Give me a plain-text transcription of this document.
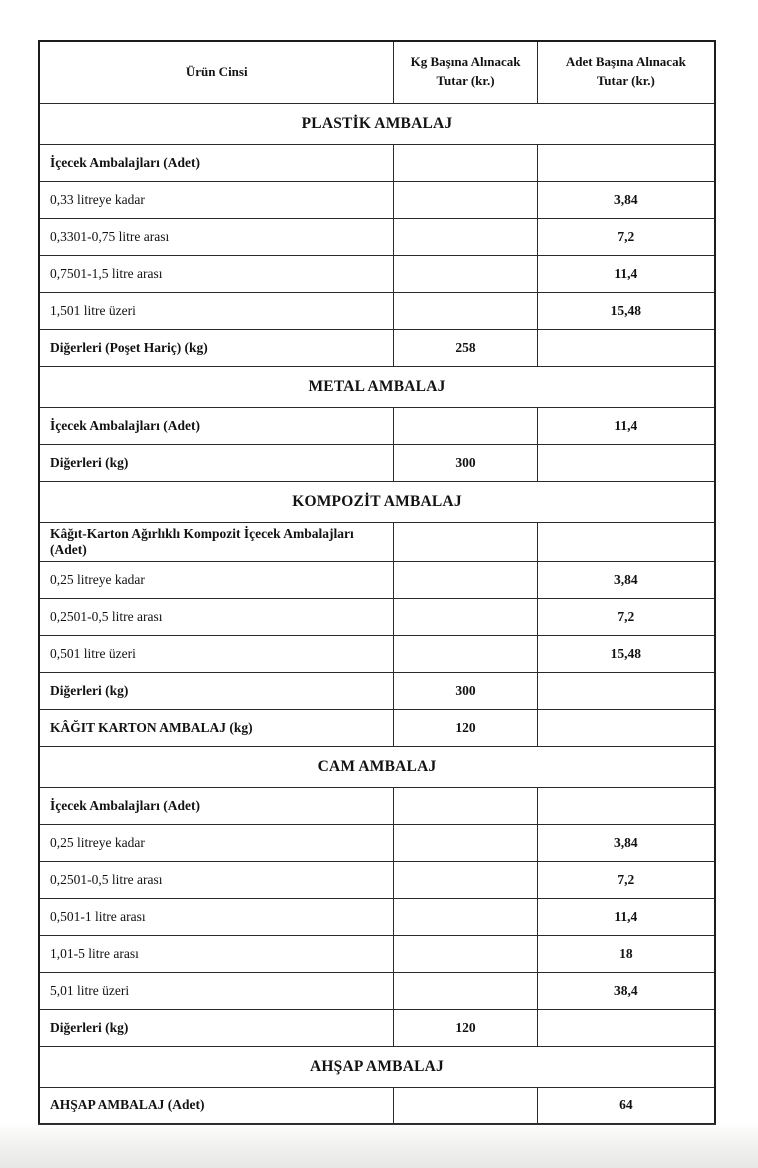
Ürün Cinsi	Kg Başına Alınacak Tutar (kr.)	Adet Başına Alınacak Tutar (kr.)
PLASTİK AMBALAJ		
İçecek Ambalajları (Adet)		
0,33 litreye kadar		3,84
0,3301-0,75 litre arası		7,2
0,7501-1,5 litre arası		11,4
1,501 litre üzeri		15,48
Diğerleri (Poşet Hariç) (kg)	258	
METAL AMBALAJ		
İçecek Ambalajları (Adet)		11,4
Diğerleri (kg)	300	
KOMPOZİT AMBALAJ		
Kâğıt-Karton Ağırlıklı Kompozit İçecek Ambalajları (Adet)		
0,25 litreye kadar		3,84
0,2501-0,5 litre arası		7,2
0,501 litre üzeri		15,48
Diğerleri (kg)	300	
KÂĞIT KARTON AMBALAJ (kg)	120	
CAM AMBALAJ		
İçecek Ambalajları (Adet)		
0,25 litreye kadar		3,84
0,2501-0,5 litre arası		7,2
0,501-1 litre arası		11,4
1,01-5 litre arası		18
5,01 litre üzeri		38,4
Diğerleri (kg)	120	
AHŞAP AMBALAJ		
AHŞAP AMBALAJ (Adet)		64
